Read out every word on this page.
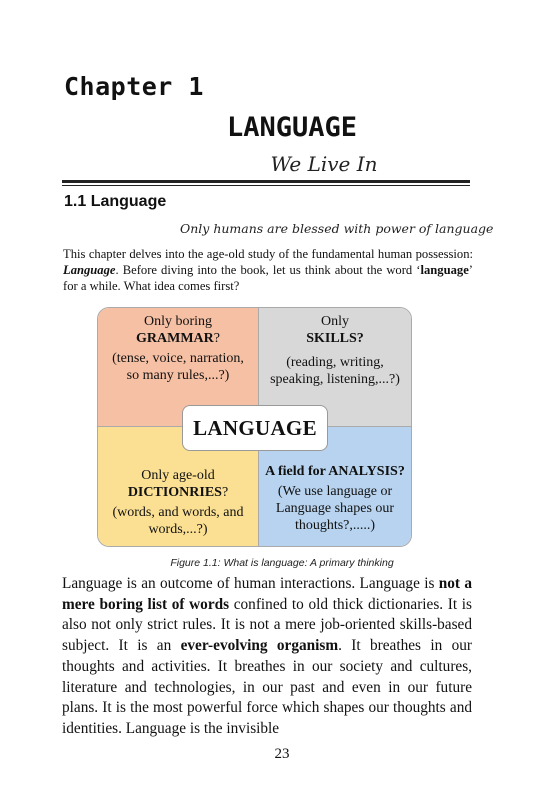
Chapter 1
LANGUAGE
We Live In
1.1 Language
Only humans are blessed with power of language
This chapter delves into the age-old study of the fundamental human possession: Language. Before diving into the book, let us think about the word ‘language’ for a while. What idea comes first?
Only boring
GRAMMAR?
(tense, voice, narration,
so many rules,...?)
Only
SKILLS?
(reading, writing,
speaking, listening,...?)
Only age-old
DICTIONRIES?
(words, and words, and
words,...?)
A field for ANALYSIS?
(We use language or
Language shapes our
thoughts?,.....)
LANGUAGE
Figure 1.1: What is language: A primary thinking
Language is an outcome of human interactions. Language is not a mere boring list of words confined to old thick dictionaries. It is also not only strict rules. It is not a mere job-oriented skills-based subject. It is an ever-evolving organism. It breathes in our thoughts and activities. It breathes in our society and cultures, literature and technologies, in our past and even in our future plans. It is the most powerful force which shapes our thoughts and identities. Language is the invisible
23
